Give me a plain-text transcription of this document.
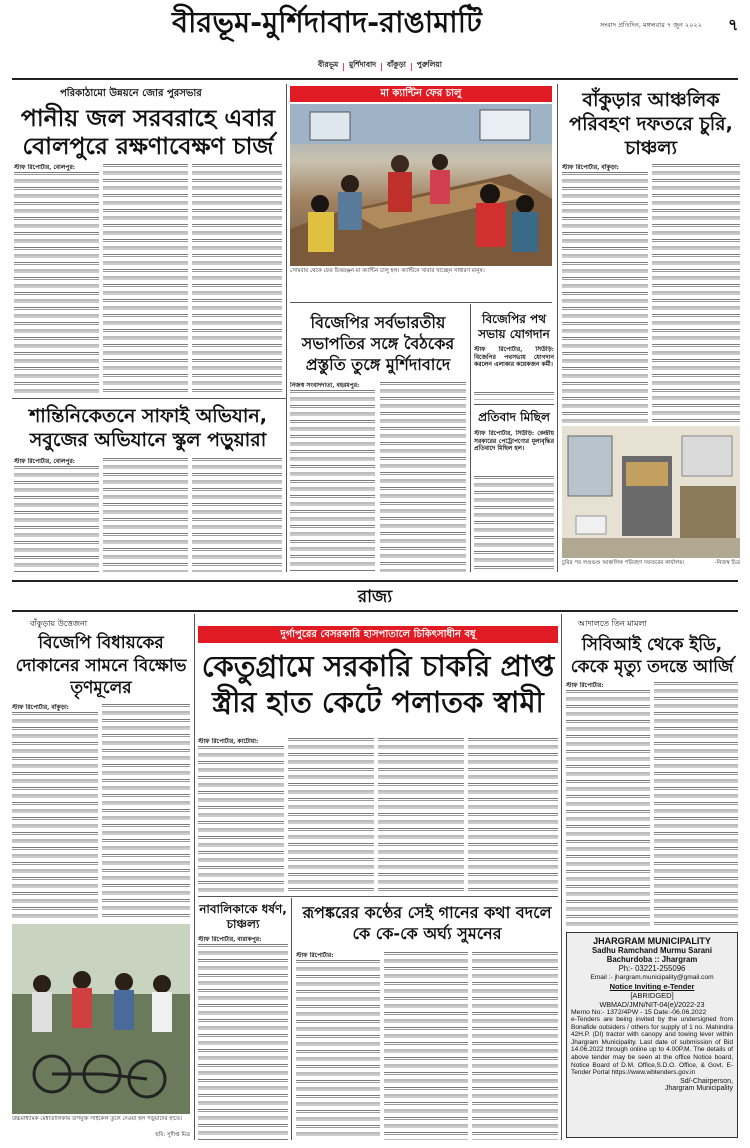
বীরভূম-মুর্শিদাবাদ-রাঙামাটি	সংবাদ প্রতিদিন, মঙ্গলবার ৭ জুন ২০২২	৭
বীরভূম | মুর্শিদাবাদ | বাঁকুড়া | পুরুলিয়া
পরিকাঠামো উন্নয়নে জোর পুরসভার
পানীয় জল সরবরাহে এবার বোলপুরে রক্ষণাবেক্ষণ চার্জ
স্টাফ রিপোর্টার, বোলপুর:
শান্তিনিকেতনে সাফাই অভিযান, সবুজের অভিযানে স্কুল পড়ুয়ারা
স্টাফ রিপোর্টার, বোলপুর:
মা ক্যান্টিন ফের চালু
সোমবার থেকে ফের চিত্তরঞ্জন মা ক্যান্টিন চালু হল। ক্যান্টিনে খাবার খাচ্ছেন সাধারণ মানুষ।
বিজেপির সর্বভারতীয় সভাপতির সঙ্গে বৈঠকের প্রস্তুতি তুঙ্গে মুর্শিদাবাদে
নিজস্ব সংবাদদাতা, বহরমপুর:
বিজেপির পথ সভায় যোগদান
স্টাফ রিপোর্টার, সিউড়ি: বিজেপির পথসভায় যোগদান করলেন এলাকার কয়েকজন কর্মী।
প্রতিবাদ মিছিল
স্টাফ রিপোর্টার, সিউড়ি: কেন্দ্রীয় সরকারের পেট্রোপণ্যের মূল্যবৃদ্ধির প্রতিবাদে মিছিল হল।
বাঁকুড়ার আঞ্চলিক পরিবহণ দফতরে চুরি, চাঞ্চল্য
স্টাফ রিপোর্টার, বাঁকুড়া:
চুরির পর লণ্ডভণ্ড আঞ্চলিক পরিবহণ দফতরের কার্যালয়।	-নিজস্ব চিত্র
রাজ্য
বাঁকুড়ায় উত্তেজনা
বিজেপি বিধায়কের দোকানের সামনে বিক্ষোভ তৃণমূলের
স্টাফ রিপোর্টার, বাঁকুড়া:
উচ্চমাধ্যমিক মেধাতালিকায় উপযুক্ত সাইকেল তুলে দেওয়া হল পড়ুয়াদের হাতে।
ছবি: সুদীপ্ত মিত্র
দুর্গাপুরের বেসরকারি হাসপাতালে চিকিৎসাধীন বধূ
কেতুগ্রামে সরকারি চাকরি প্রাপ্ত স্ত্রীর হাত কেটে পলাতক স্বামী
স্টাফ রিপোর্টার, কাটোয়া:
নাবালিকাকে ধর্ষণ, চাঞ্চল্য
স্টাফ রিপোর্টার, বারাকপুর:
রূপঙ্করের কণ্ঠের সেই গানের কথা বদলে কে কে-কে অর্ঘ্য সুমনের
স্টাফ রিপোর্টার:
আদালতে তিন মামলা
সিবিআই থেকে ইডি, কেকে মৃত্যু তদন্তে আর্জি
স্টাফ রিপোর্টার:
JHARGRAM MUNICIPALITY
Sadhu Ramchand Murmu Sarani
Bachurdoba :: Jhargram
Ph:- 03221-255096
Email :- jhargram.municipality@gmail.com
Notice Inviting e-Tender
[ABRIDGED]
WBMAD/JMN/NIT-04(e)/2022-23
Memo No:- 1372/4PW - 15 Date:-06.06.2022
e-Tenders are being invited by the undersigned from Bonafide outsiders / others for supply of 1 no. Mahindra 42H.P. (DI) tractor with canopy and towing lever within Jhargram Municipality. Last date of submission of Bid 14.06.2022 through online up to 4.00P.M. The details of above tender may be seen at the office Notice board, Notice Board of D.M. Office,S.D.O. Office, & Govt. E-Tender Portal https://www.wbtenders.gov.in
Sd/-Chairperson,
Jhargram Municipality
